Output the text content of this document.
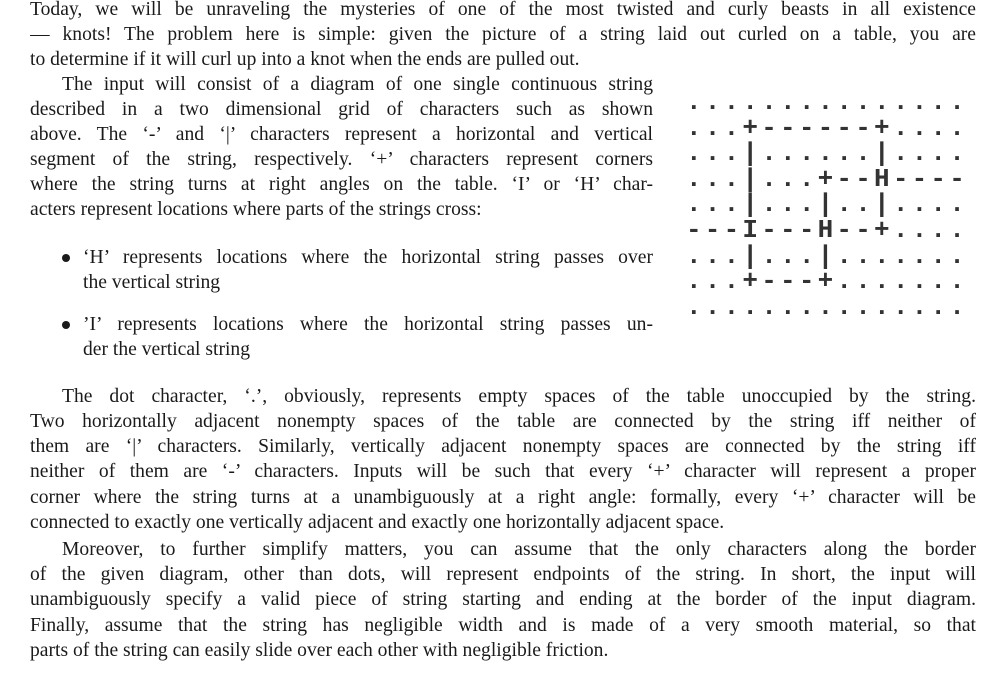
Today, we will be unraveling the mysteries of one of the most twisted and curly beasts in all existence
— knots! The problem here is simple: given the picture of a string laid out curled on a table, you are
to determine if it will curl up into a knot when the ends are pulled out.
The input will consist of a diagram of one single continuous string
described in a two dimensional grid of characters such as shown
above. The ‘-’ and ‘|’ characters represent a horizontal and vertical
segment of the string, respectively. ‘+’ characters represent corners
where the string turns at right angles on the table. ‘I’ or ‘H’ char-
acters represent locations where parts of the strings cross:
‘H’ represents locations where the horizontal string passes over
the vertical string
’I’ represents locations where the horizontal string passes un-
der the vertical string
The dot character, ‘.’, obviously, represents empty spaces of the table unoccupied by the string.
Two horizontally adjacent nonempty spaces of the table are connected by the string iff neither of
them are ‘|’ characters. Similarly, vertically adjacent nonempty spaces are connected by the string iff
neither of them are ‘-’ characters. Inputs will be such that every ‘+’ character will represent a proper
corner where the string turns at a unambiguously at a right angle: formally, every ‘+’ character will be
connected to exactly one vertically adjacent and exactly one horizontally adjacent space.
Moreover, to further simplify matters, you can assume that the only characters along the border
of the given diagram, other than dots, will represent endpoints of the string. In short, the input will
unambiguously specify a valid piece of string starting and ending at the border of the input diagram.
Finally, assume that the string has negligible width and is made of a very smooth material, so that
parts of the string can easily slide over each other with negligible friction.
...............
...+------+....
...|......|....
...|...+--H----
...|...|..|....
---I---H--+....
...|...|.......
...+---+.......
...............
